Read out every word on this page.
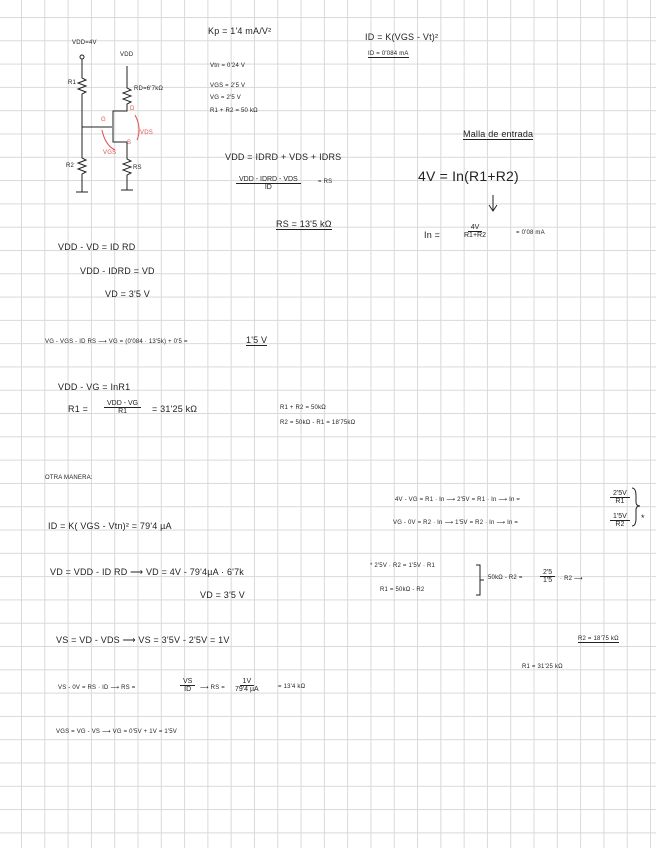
VDD=4V
VDD
R1
R2
RD=6'7kΩ
RS
G
D
S
VGS
VDS
Kp = 1'4 mA/V²
Vtn = 0'24 V
VGS = 2'5 V
VG = 2'5 V
R1 + R2 = 50 kΩ
ID = K(VGS - Vt)²
ID = 0'084 mA
VDD = IDRD + VDS + IDRS
VDD - IDRD - VDS
ID
= RS
RS = 13'5 kΩ
Malla de entrada
4V = In(R1+R2)
In =	$\frac{4V}{R1+R2}$	= 0'08 mA
VDD - VD = ID RD
VDD - IDRD = VD
VD = 3'5 V
VG - VGS - ID RS ⟶ VG = (0'084 · 13'5k) + 0'5 =	1'5 V
VDD - VG = InR1
R1 =
VDD - VG
R1	= 31'25 kΩ	R1 + R2 = 50kΩ
R2 = 50kΩ - R1 = 18'75kΩ
OTRA MANERA:
ID = K( VGS - Vtn)² = 79'4 µA
VD = VDD - ID RD ⟶ VD = 4V - 79'4µA · 6'7k
VD = 3'5 V
VS = VD - VDS ⟶ VS = 3'5V - 2'5V = 1V
VS - 0V = RS · ID ⟶ RS =	$\frac{VS}{ID}$ ⟶ RS =
1V
79'4 µA	= 13'4 kΩ
VGS = VG - VS ⟶ VG = 0'5V + 1V = 1'5V
4V - VG = R1 · In ⟶ 2'5V = R1 · In ⟶ In =	$\frac{2'5V}{R1}$
VG - 0V = R2 · In ⟶ 1'5V = R2 · In ⟶ In =	$\frac{1'5V}{R2}$ *
* 2'5V · R2 = 1'5V · R1
R1 = 50kΩ - R2
$50k\Omega - R2 = \frac{2'5}{1'5} \cdot R2$ ⟶
R2 = 18'75 kΩ
R1 = 31'25 kΩ
